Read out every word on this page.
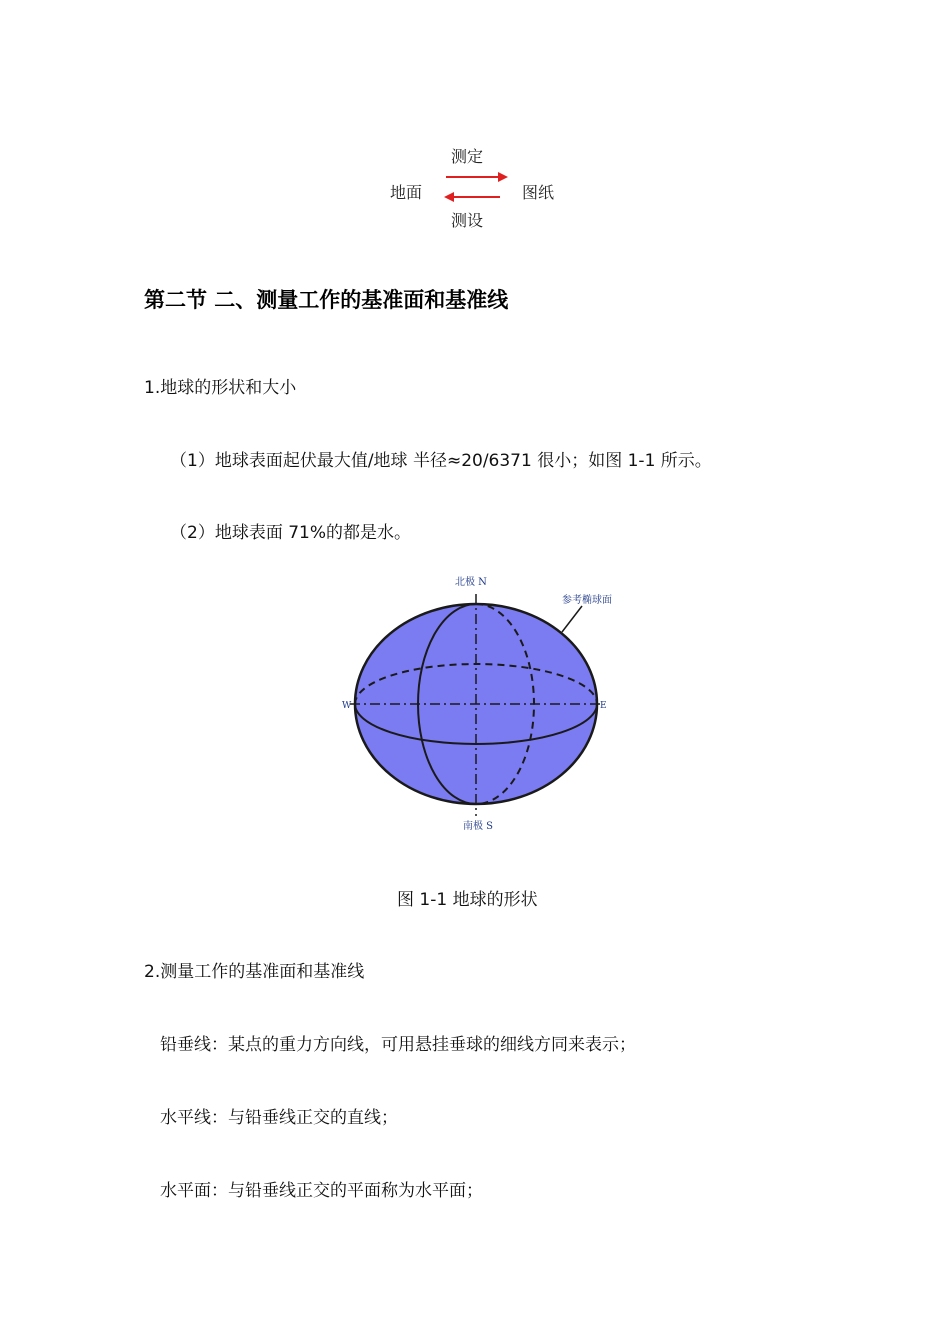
测定
地面	图纸
测设
第二节 二、测量工作的基准面和基准线
1.地球的形状和大小
（1）地球表面起伏最大值/地球 半径≈20/6371 很小；如图 1-1 所示。
（2）地球表面 71%的都是水。
北极 N
参考椭球面
W	E
南极 S
图 1-1 地球的形状
2.测量工作的基准面和基准线
铅垂线：某点的重力方向线，可用悬挂垂球的细线方同来表示；
水平线：与铅垂线正交的直线；
水平面：与铅垂线正交的平面称为水平面；
